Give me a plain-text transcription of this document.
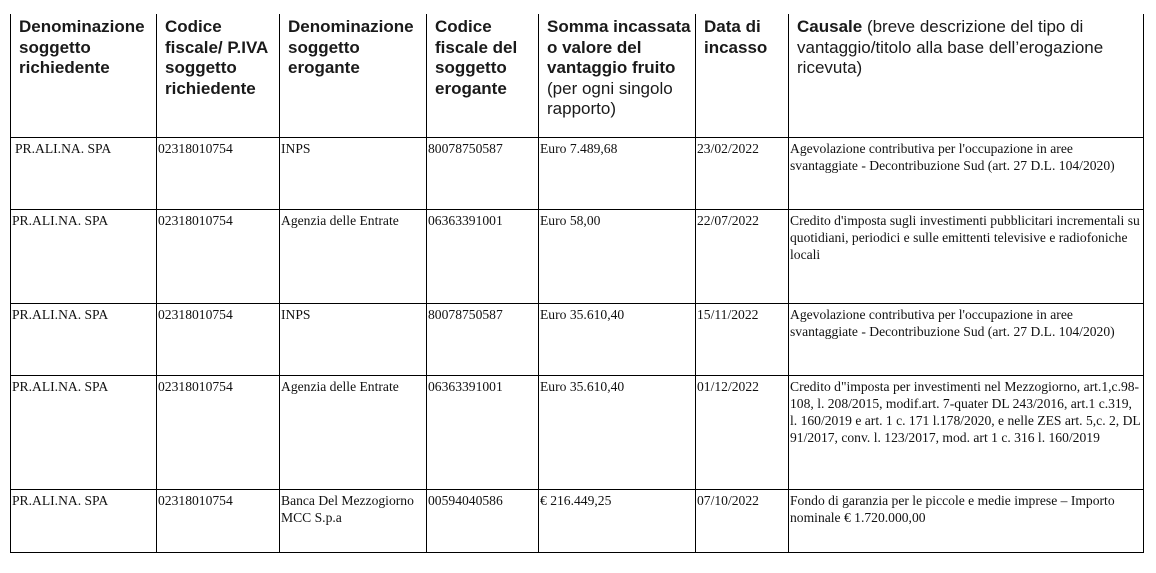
Denominazione soggetto richiedente	Codice fiscale/ P.IVA soggetto richiedente	Denominazione soggetto erogante	Codice fiscale del soggetto erogante	Somma incassata o valore del vantaggio fruito (per ogni singolo rapporto)	Data di incasso	Causale (breve descrizione del tipo di vantaggio/titolo alla base dell’erogazione ricevuta)
PR.ALI.NA. SPA	02318010754	INPS	80078750587	Euro 7.489,68	23/02/2022	Agevolazione contributiva per l'occupazione in aree svantaggiate - Decontribuzione Sud (art. 27 D.L. 104/2020)
PR.ALI.NA. SPA	02318010754	Agenzia delle Entrate	06363391001	Euro 58,00	22/07/2022	Credito d'imposta sugli investimenti pubblicitari incrementali su quotidiani, periodici e sulle emittenti televisive e radiofoniche locali
PR.ALI.NA. SPA	02318010754	INPS	80078750587	Euro 35.610,40	15/11/2022	Agevolazione contributiva per l'occupazione in aree svantaggiate - Decontribuzione Sud (art. 27 D.L. 104/2020)
PR.ALI.NA. SPA	02318010754	Agenzia delle Entrate	06363391001	Euro 35.610,40	01/12/2022	Credito d"imposta per investimenti nel Mezzogiorno, art.1,c.98-108, l. 208/2015, modif.art. 7-quater DL 243/2016, art.1 c.319, l. 160/2019 e art. 1 c. 171 l.178/2020, e nelle ZES art. 5,c. 2, DL 91/2017, conv. l. 123/2017, mod. art 1 c. 316 l. 160/2019
PR.ALI.NA. SPA	02318010754	Banca Del Mezzogiorno MCC S.p.a	00594040586	€ 216.449,25	07/10/2022	Fondo di garanzia per le piccole e medie imprese – Importo nominale € 1.720.000,00
